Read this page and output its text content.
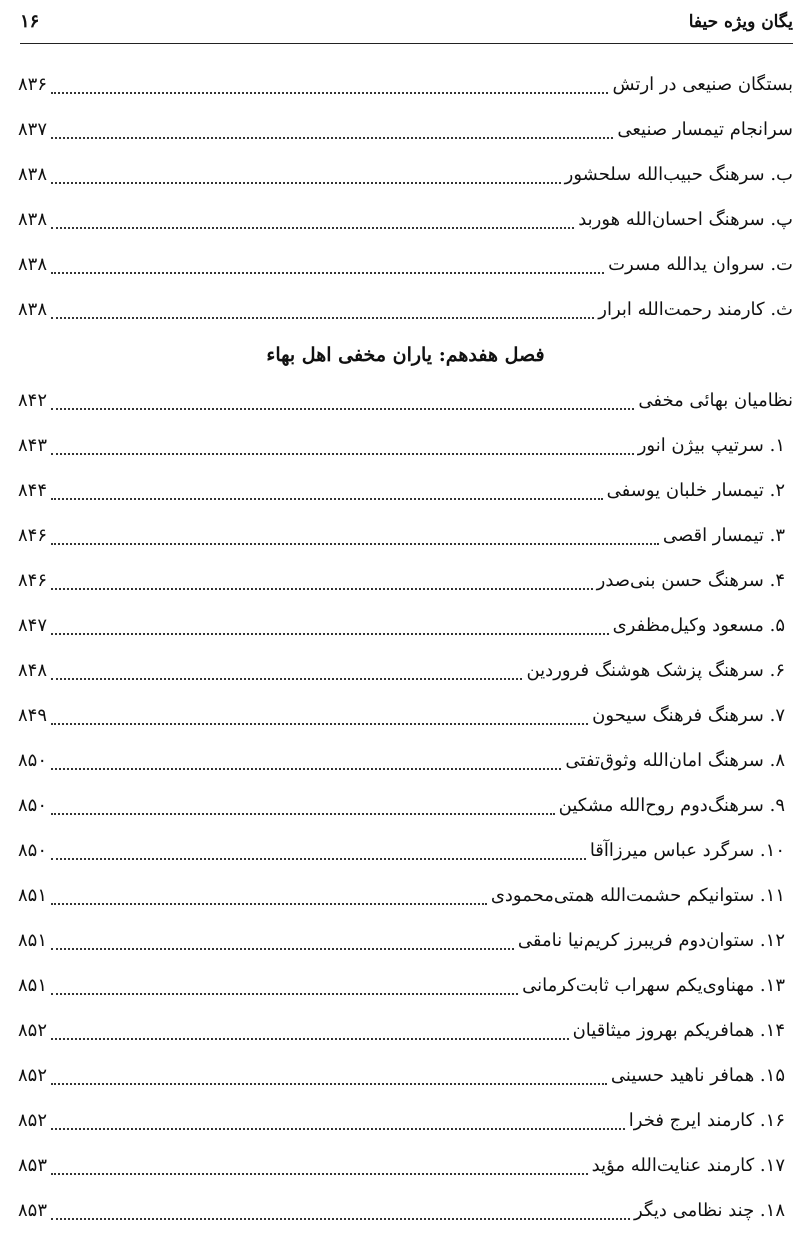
یگان ویژه حیفا
۱۶
بستگان صنیعی در ارتش
۸۳۶
سرانجام تیمسار صنیعی
۸۳۷
ب. سرهنگ حبیب‌الله سلحشور
۸۳۸
پ. سرهنگ احسان‌الله هوربد
۸۳۸
ت. سروان یدالله مسرت
۸۳۸
ث. کارمند رحمت‌الله ابرار
۸۳۸
فصل هفدهم: یاران مخفی اهل بهاء
نظامیان بهائی مخفی
۸۴۲
۱. سرتیپ بیژن انور
۸۴۳
۲. تیمسار خلبان یوسفی
۸۴۴
۳. تیمسار اقصی
۸۴۶
۴. سرهنگ حسن بنی‌صدر
۸۴۶
۵. مسعود وکیل‌مظفری
۸۴۷
۶. سرهنگ پزشک هوشنگ فروردین
۸۴۸
۷. سرهنگ فرهنگ سیحون
۸۴۹
۸. سرهنگ امان‌الله وثوق‌تفتی
۸۵۰
۹. سرهنگ‌دوم روح‌الله مشکین
۸۵۰
۱۰. سرگرد عباس میرزاآقا
۸۵۰
۱۱. ستوانیکم حشمت‌الله همتی‌محمودی
۸۵۱
۱۲. ستوان‌دوم فریبرز کریم‌نیا نامقی
۸۵۱
۱۳. مهناوی‌یکم سهراب ثابت‌کرمانی
۸۵۱
۱۴. همافریکم بهروز میثاقیان
۸۵۲
۱۵. همافر ناهید حسینی
۸۵۲
۱۶. کارمند ایرج فخرا
۸۵۲
۱۷. کارمند عنایت‌الله مؤید
۸۵۳
۱۸. چند نظامی دیگر
۸۵۳
